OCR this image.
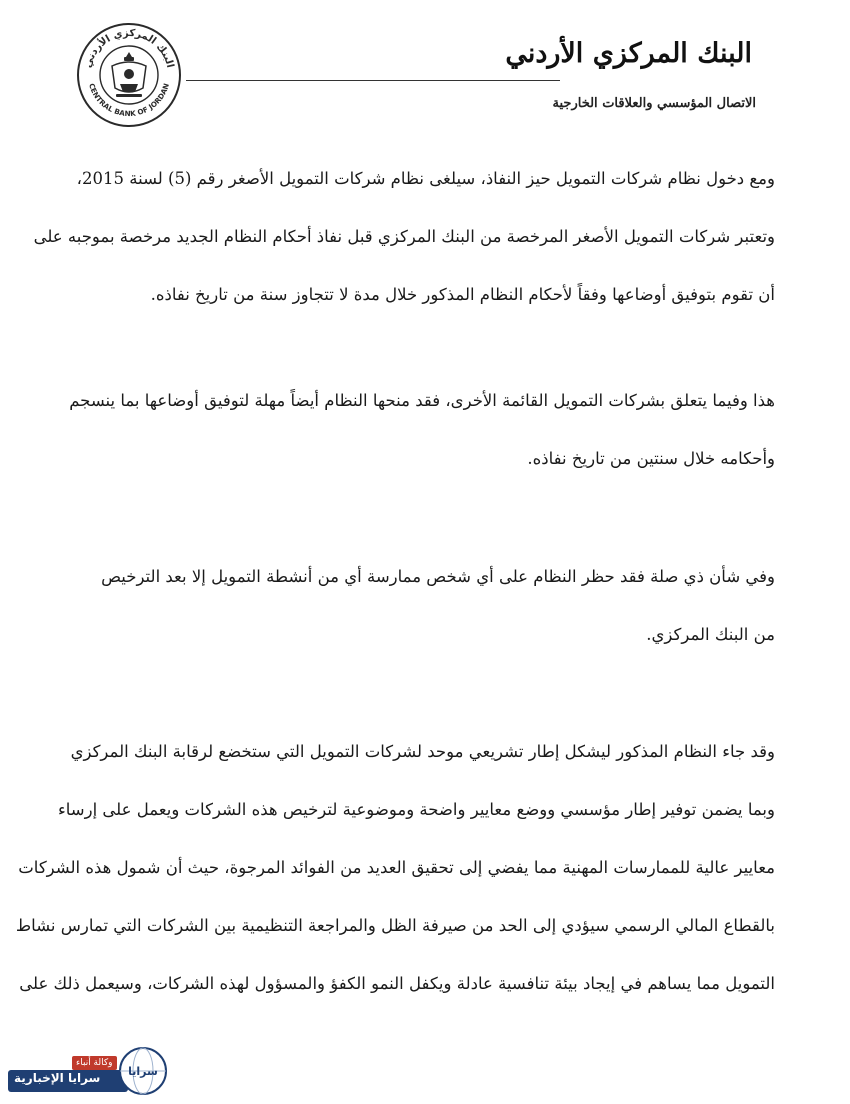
البنك المركزي الأردني
CENTRAL BANK OF JORDAN
البنك المركزي الأردني
الاتصال المؤسسي والعلاقات الخارجية

ومع دخول نظام شركات التمويل حيز النفاذ، سيلغى نظام شركات التمويل الأصغر رقم (5) لسنة 2015،
وتعتبر شركات التمويل الأصغر المرخصة من البنك المركزي قبل نفاذ أحكام النظام الجديد مرخصة بموجبه على
أن تقوم بتوفيق أوضاعها وفقاً لأحكام النظام المذكور خلال مدة لا تتجاوز سنة من تاريخ نفاذه.

هذا وفيما يتعلق بشركات التمويل القائمة الأخرى، فقد منحها النظام أيضاً مهلة لتوفيق أوضاعها بما ينسجم
وأحكامه خلال سنتين من تاريخ نفاذه.

وفي شأن ذي صلة فقد حظر النظام على أي شخص ممارسة أي من أنشطة التمويل إلا بعد الترخيص
من البنك المركزي.

وقد جاء النظام المذكور ليشكل إطار تشريعي موحد لشركات التمويل التي ستخضع لرقابة البنك المركزي
وبما يضمن توفير إطار مؤسسي ووضع معايير واضحة وموضوعية لترخيص هذه الشركات ويعمل على إرساء
معايير عالية للممارسات المهنية مما يفضي إلى تحقيق العديد من الفوائد المرجوة، حيث أن شمول هذه الشركات
بالقطاع المالي الرسمي سيؤدي إلى الحد من صيرفة الظل والمراجعة التنظيمية بين الشركات التي تمارس نشاط
التمويل مما يساهم في إيجاد بيئة تنافسية عادلة ويكفل النمو الكفؤ والمسؤول لهذه الشركات، وسيعمل ذلك على

سرايا الإخبارية
وكالة أنباء
سرايا
